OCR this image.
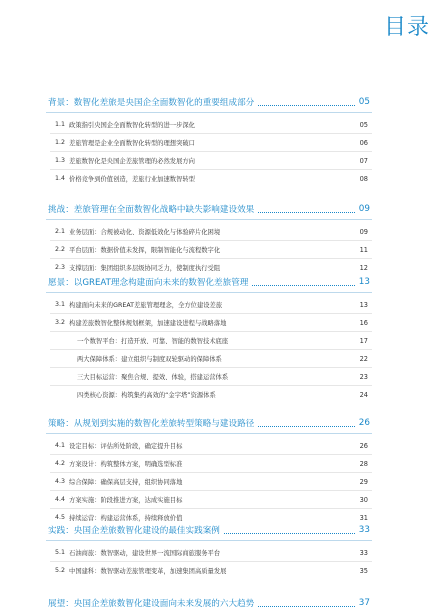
目录
背景：数智化差旅是央国企全面数智化的重要组成部分	05
1.1 政策指引央国企全面数智化转型的进一步深化	05
1.2 差旅管理是企业全面数智化转型的理想突破口	06
1.3 差旅数智化是央国企差旅管理的必然发展方向	07
1.4 价格竞争到价值创造，差旅行业加速数智转型	08
挑战：差旅管理在全面数智化战略中缺失影响建设效果	09
2.1 业务层面：合规被动化、资源低效化与体验碎片化困境	09
2.2 平台层面：数据价值未发挥，限制智能化与流程数字化	11
2.3 支撑层面：集团组织多层级协同乏力，使制度执行受阻	12
愿景：以GREAT理念构建面向未来的数智化差旅管理	13
3.1 构建面向未来的GREAT差旅管理理念，全方位建设差旅	13
3.2 构建差旅数智化整体规划框架，加速建设进程与战略落地	16
一个数智平台：打造开放、可靠、智能的数智技术底座	17
两大保障体系：建立组织与制度双轮驱动的保障体系	22
三大目标运营：聚焦合规、提效、体验，搭建运营体系	23
四类核心资源：构筑集约高效的“金字塔”资源体系	24
策略：从规划到实施的数智化差旅转型策略与建设路径	26
4.1 设定目标：评估所处阶段，确定提升目标	26
4.2 方案设计：构筑整体方案，明确选型标准	28
4.3 综合保障：确保高层支持，组织协同落地	29
4.4 方案实施：阶段推进方案，达成实施目标	30
4.5 持续运营：构建运营体系，持续释放价值	31
实践：央国企差旅数智化建设的最佳实践案例	33
5.1 石油商旅：数智驱动，建设世界一流国际商旅服务平台	33
5.2 中国建科：数智驱动差旅管理变革，加速集团高质量发展	35
展望：央国企差旅数智化建设面向未来发展的六大趋势	37
